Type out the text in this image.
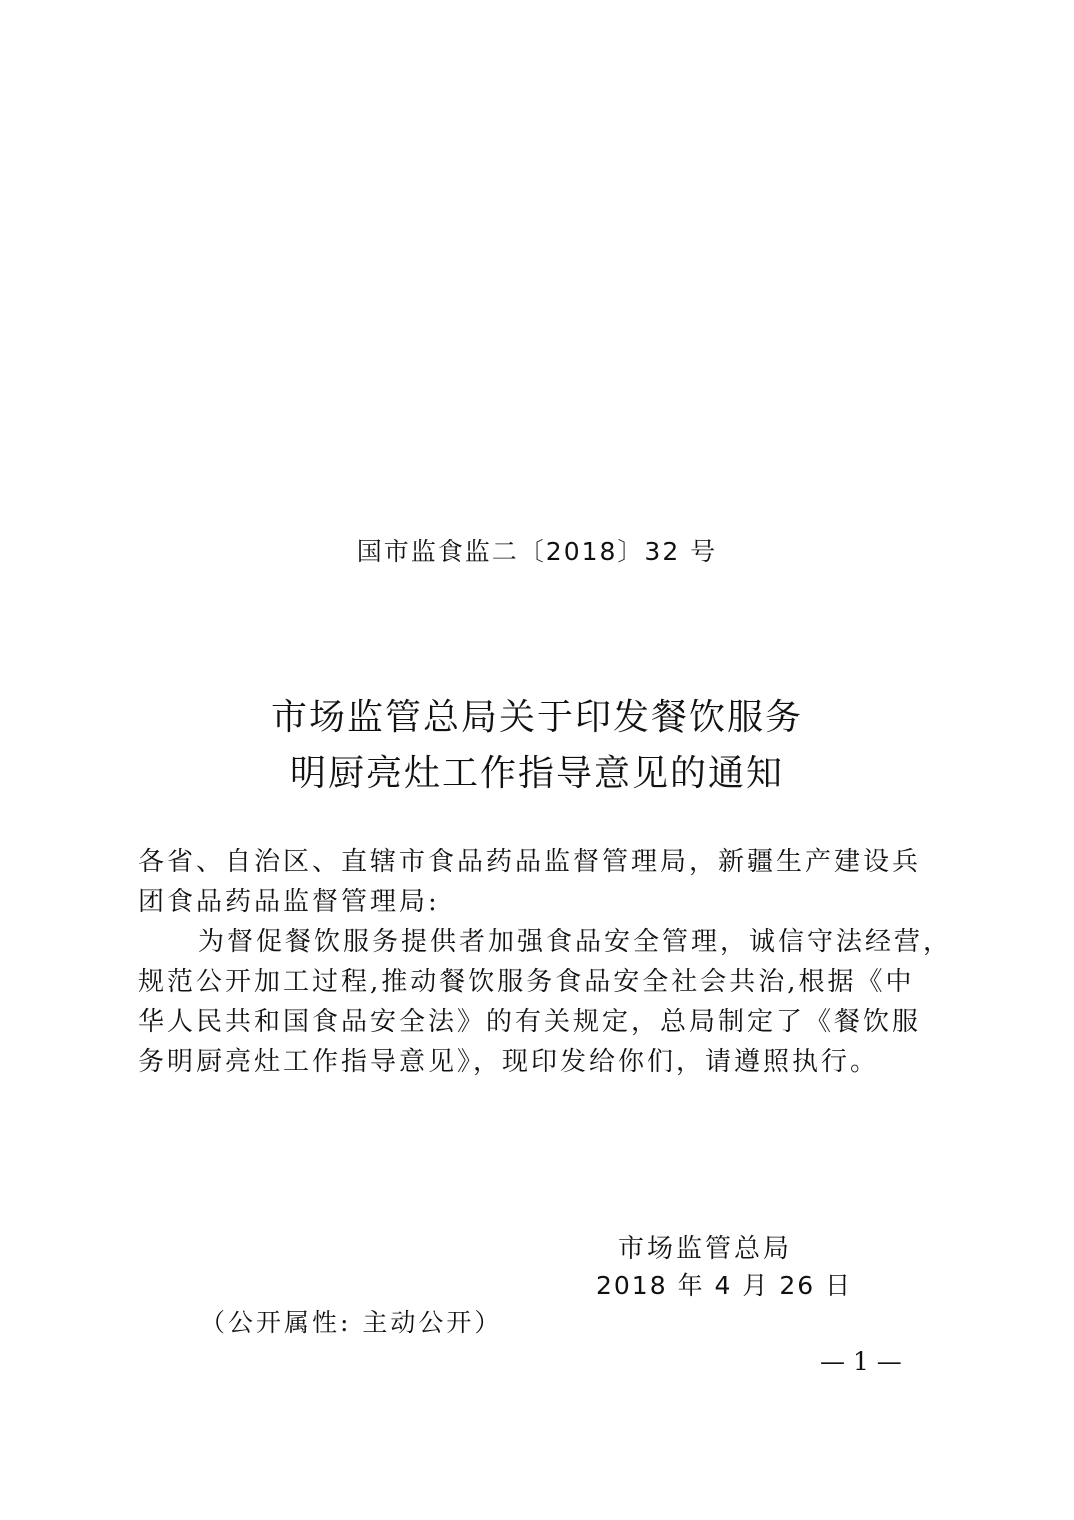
国市监食监二〔2018〕32 号
市场监管总局关于印发餐饮服务
明厨亮灶工作指导意见的通知
各省、自治区、直辖市食品药品监督管理局，新疆生产建设兵
团食品药品监督管理局:
为督促餐饮服务提供者加强食品安全管理，诚信守法经营，
规范公开加工过程,推动餐饮服务食品安全社会共治,根据《中
华人民共和国食品安全法》的有关规定，总局制定了《餐饮服
务明厨亮灶工作指导意见》，现印发给你们，请遵照执行。
市场监管总局
2018 年 4 月 26 日
（公开属性: 主动公开）
— 1 —
